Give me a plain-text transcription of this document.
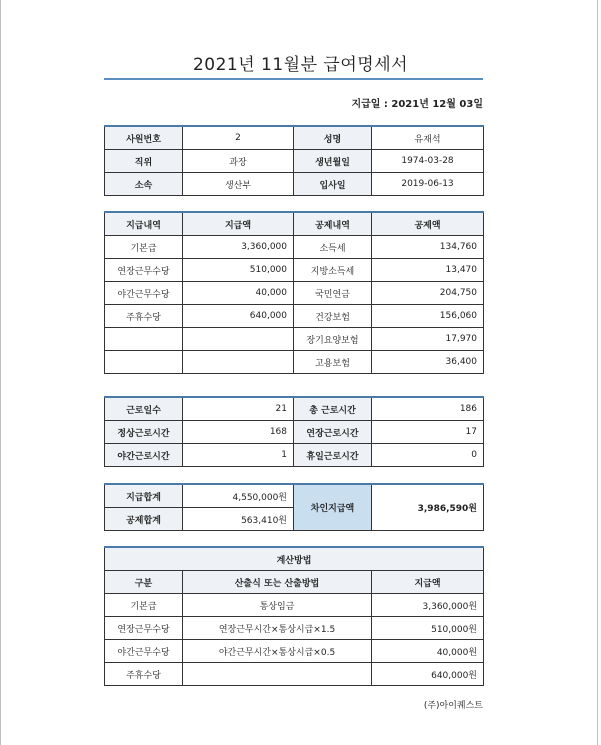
2021년 11월분 급여명세서
지급일 : 2021년 12월 03일
사원번호	2	성명	유재석
직위	과장	생년월일	1974-03-28
소속	생산부	입사일	2019-06-13
지급내역	지급액	공제내역	공제액
기본급	3,360,000	소득세	134,760
연장근무수당	510,000	지방소득세	13,470
야간근무수당	40,000	국민연금	204,750
주휴수당	640,000	건강보험	156,060
		장기요양보험	17,970
		고용보험	36,400
근로일수	21	총 근로시간	186
정상근로시간	168	연장근로시간	17
야간근로시간	1	휴일근로시간	0
지급합계	4,550,000원	차인지급액	3,986,590원
공제합계	563,410원		
계산방법		
구분	산출식 또는 산출방법	지급액
기본급	통상임금	3,360,000원
연장근무수당	연장근무시간×통상시급×1.5	510,000원
야간근무수당	야간근무시간×통상시급×0.5	40,000원
주휴수당		640,000원
(주)아이퀘스트
